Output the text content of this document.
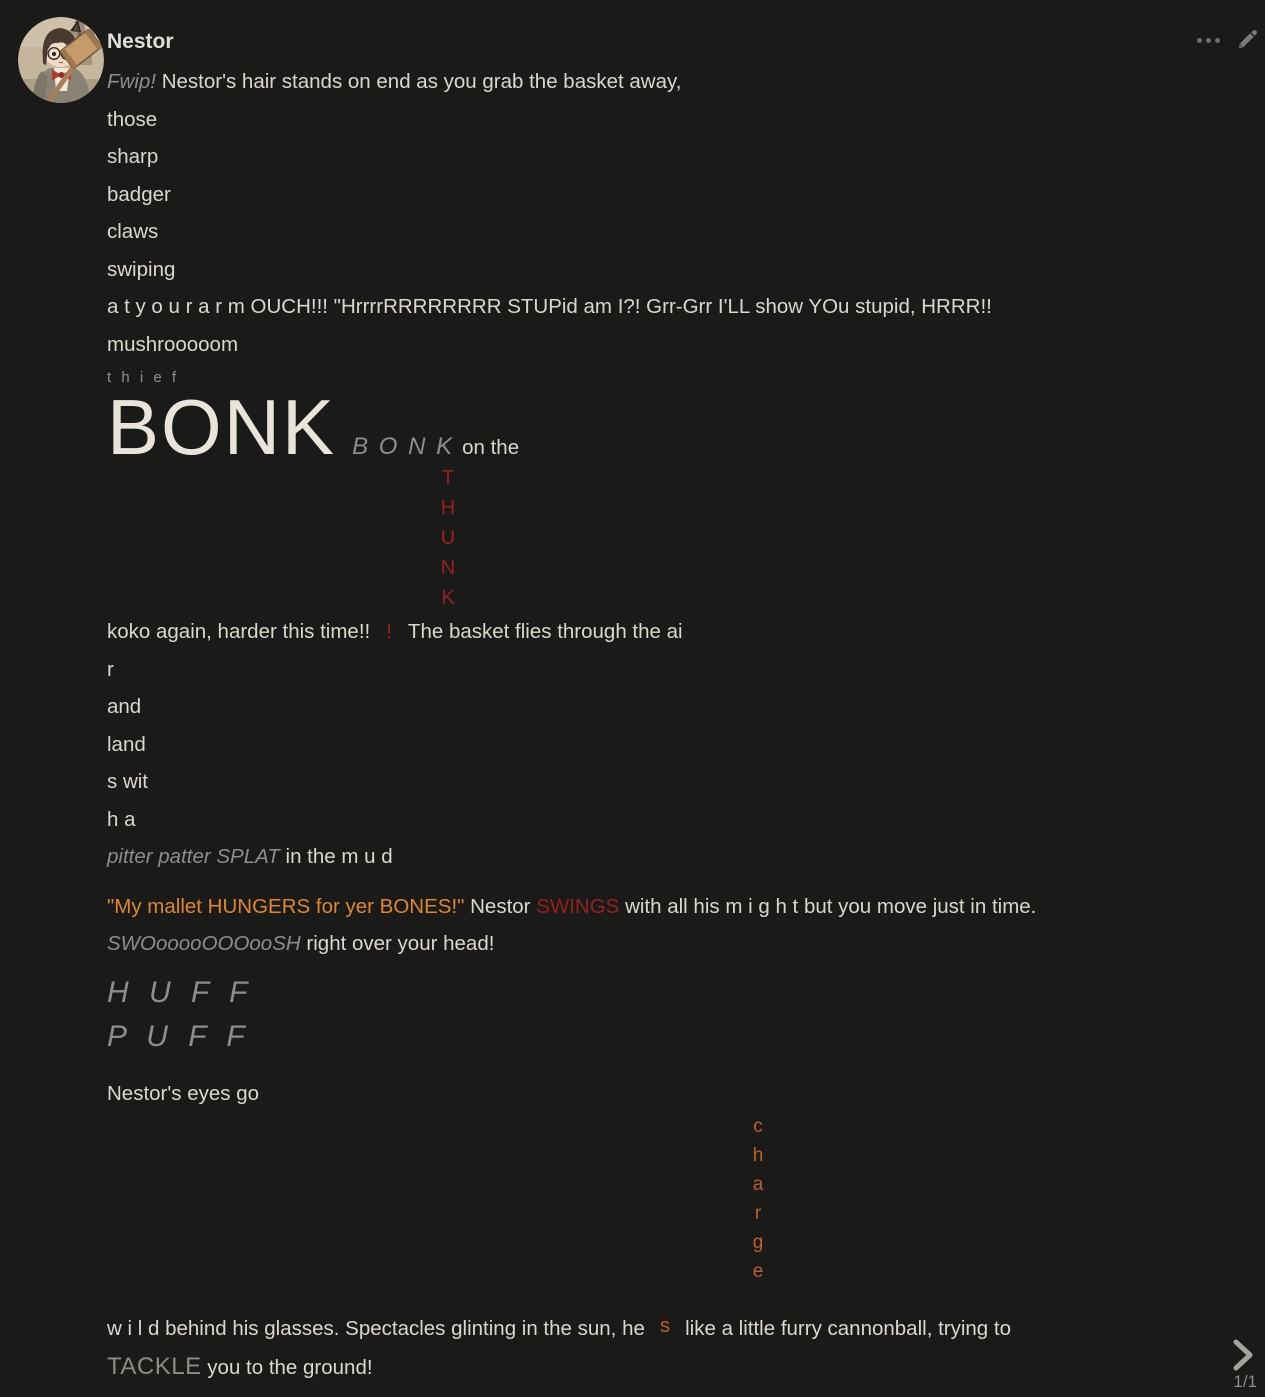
Nestor
Fwip! Nestor's hair stands on end as you grab the basket away,
those
sharp
badger
claws
swiping
a t y o u r a r m OUCH!!! "HrrrrRRRRRRRR STUPid am I?! Grr-Grr I'LL show YOu stupid, HRRR!!
mushrooooom
t h i e f
BONK B O N K on the
T
H
U
N
K
koko again, harder this time!! ! The basket flies through the ai
r
and
land
s wit
h a
pitter patter SPLAT in the m u d
"My mallet HUNGERS for yer BONES!" Nestor SWINGS with all his m i g h t but you move just in time.
SWOooooOOOooSH right over your head!
H U F F
P U F F
Nestor's eyes go
c
h
a
r
g
e
w i l d behind his glasses. Spectacles glinting in the sun, he s like a little furry cannonball, trying to
TACKLE you to the ground!
1/1
